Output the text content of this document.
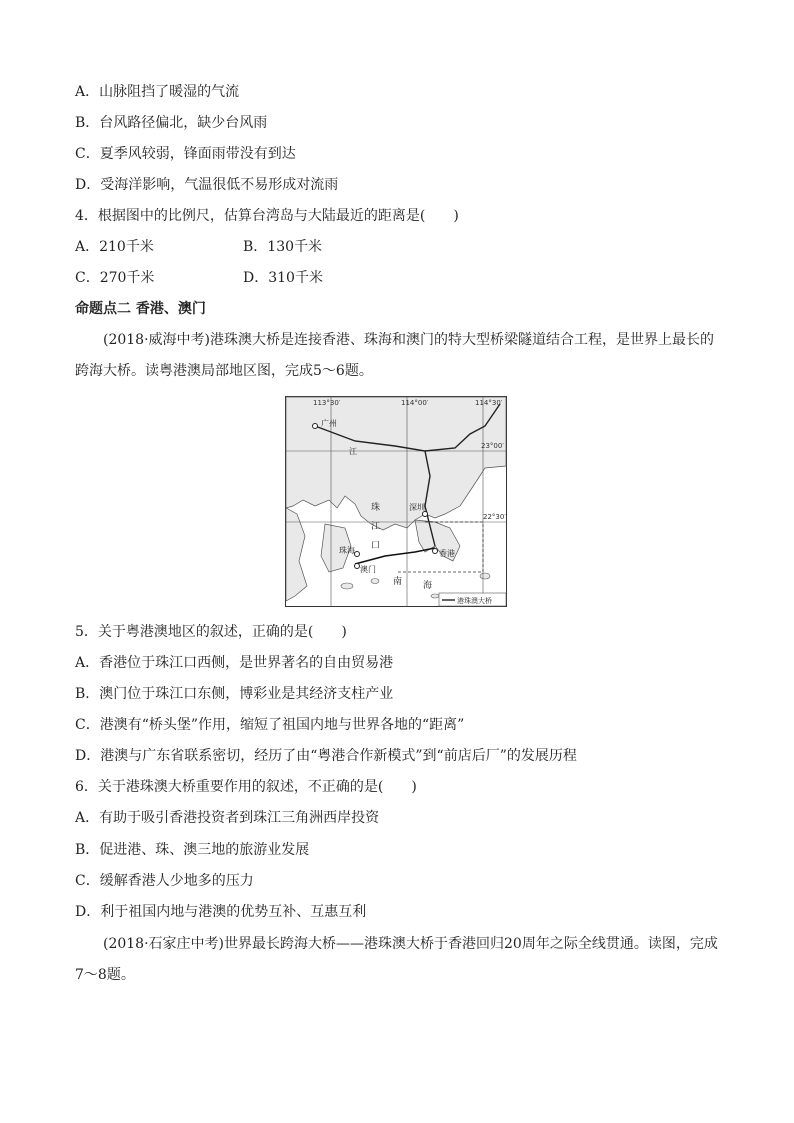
A．山脉阻挡了暖湿的气流
B．台风路径偏北，缺少台风雨
C．夏季风较弱，锋面雨带没有到达
D．受海洋影响，气温很低不易形成对流雨
4．根据图中的比例尺，估算台湾岛与大陆最近的距离是(　　)
A．210千米	B．130千米
C．270千米	D．310千米
命题点二 香港、澳门
(2018·威海中考)港珠澳大桥是连接香港、珠海和澳门的特大型桥梁隧道结合工程，是世界上最长的跨海大桥。读粤港澳局部地区图，完成5～6题。
113°30′	114°00′	114°30′
23°00′
22°30′
广州
深圳
珠海
澳门
香港
江
珠
江
口
南 海
港珠澳大桥
5．关于粤港澳地区的叙述，正确的是(　　)
A．香港位于珠江口西侧，是世界著名的自由贸易港
B．澳门位于珠江口东侧，博彩业是其经济支柱产业
C．港澳有“桥头堡”作用，缩短了祖国内地与世界各地的“距离”
D．港澳与广东省联系密切，经历了由“粤港合作新模式”到“前店后厂”的发展历程
6．关于港珠澳大桥重要作用的叙述，不正确的是(　　)
A．有助于吸引香港投资者到珠江三角洲西岸投资
B．促进港、珠、澳三地的旅游业发展
C．缓解香港人少地多的压力
D．利于祖国内地与港澳的优势互补、互惠互利
(2018·石家庄中考)世界最长跨海大桥——港珠澳大桥于香港回归20周年之际全线贯通。读图，完成7～8题。
